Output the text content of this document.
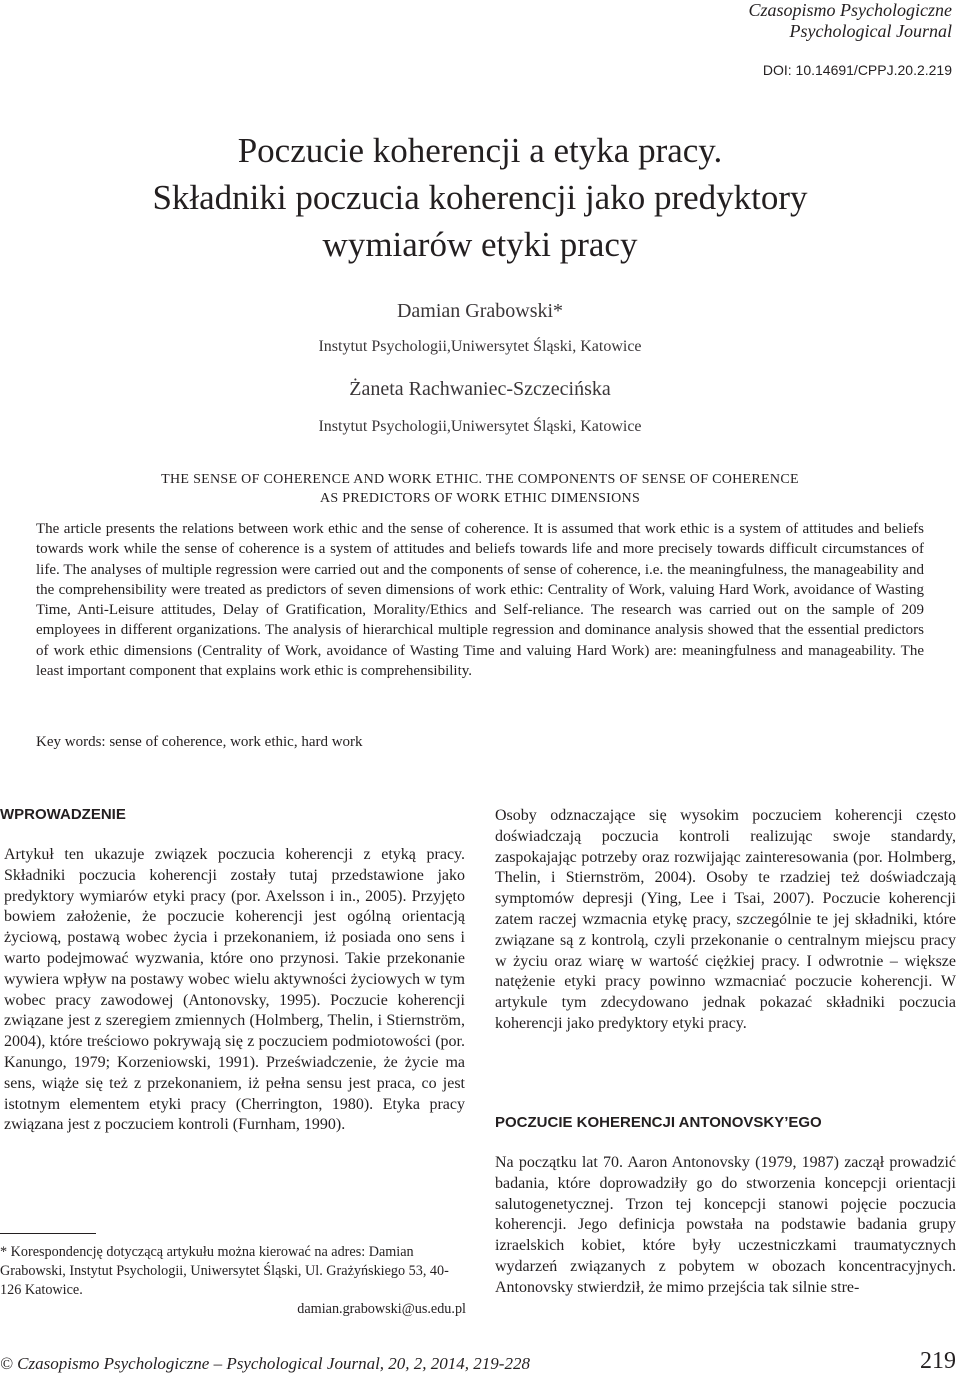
Czasopismo Psychologiczne
Psychological Journal
DOI: 10.14691/CPPJ.20.2.219
Poczucie koherencji a etyka pracy.
Składniki poczucia koherencji jako predyktory
wymiarów etyki pracy
Damian Grabowski*
Instytut Psychologii,Uniwersytet Śląski, Katowice
Żaneta Rachwaniec-Szczecińska
Instytut Psychologii,Uniwersytet Śląski, Katowice
THE SENSE OF COHERENCE AND WORK ETHIC. THE COMPONENTS OF SENSE OF COHERENCE
AS PREDICTORS OF WORK ETHIC DIMENSIONS

The article presents the relations between work ethic and the sense of coherence. It is assumed that work ethic is a system of attitudes and beliefs towards work while the sense of coherence is a system of attitudes and beliefs towards life and more precisely towards difficult circumstances of life. The analyses of multiple regression were carried out and the components of sense of coherence, i.e. the meaningfulness, the manageability and the comprehensibility were treated as predictors of seven dimensions of work ethic: Centrality of Work, valuing Hard Work, avoidance of Wasting Time, Anti-Leisure attitudes, Delay of Gratification, Morality/Ethics and Self-reliance. The research was carried out on the sample of 209 employees in different organizations. The analysis of hierarchical multiple regression and dominance analysis showed that the essential predictors of work ethic dimensions (Centrality of Work, avoidance of Wasting Time and valuing Hard Work) are: meaningfulness and manageability. The least important component that explains work ethic is comprehensibility.

Key words: sense of coherence, work ethic, hard work
WPROWADZENIE

Artykuł ten ukazuje związek poczucia koherencji z etyką pracy. Składniki poczucia koherencji zostały tutaj przedstawione jako predyktory wymiarów etyki pracy (por. Axelsson i in., 2005). Przyjęto bowiem założenie, że poczucie koherencji jest ogólną orientacją życiową, postawą wobec życia i przekonaniem, iż posiada ono sens i warto podejmować wyzwania, które ono przynosi. Takie przekonanie wywiera wpływ na postawy wobec wielu aktywności życiowych w tym wobec pracy zawodowej (Antonovsky, 1995). Poczucie koherencji związane jest z szeregiem zmiennych (Holmberg, Thelin, i Stiernström, 2004), które treściowo pokrywają się z poczuciem podmiotowości (por. Kanungo, 1979; Korzeniowski, 1991). Przeświadczenie, że życie ma sens, wiąże się też z przekonaniem, iż pełna sensu jest praca, co jest istotnym elementem etyki pracy (Cherrington, 1980). Etyka pracy związana jest z poczuciem kontroli (Furnham, 1990).

* Korespondencję dotyczącą artykułu można kierować na adres: Damian Grabowski, Instytut Psychologii, Uniwersytet Śląski, Ul. Grażyńskiego 53, 40-126 Katowice.
damian.grabowski@us.edu.pl

Osoby odznaczające się wysokim poczuciem koherencji często doświadczają poczucia kontroli realizując swoje standardy, zaspokajając potrzeby oraz rozwijając zainteresowania (por. Holmberg, Thelin, i Stiernström, 2004). Osoby te rzadziej też doświadczają symptomów depresji (Ying, Lee i Tsai, 2007). Poczucie koherencji zatem raczej wzmacnia etykę pracy, szczególnie te jej składniki, które związane są z kontrolą, czyli przekonanie o centralnym miejscu pracy w życiu oraz wiarę w wartość ciężkiej pracy. I odwrotnie – większe natężenie etyki pracy powinno wzmacniać poczucie koherencji. W artykule tym zdecydowano jednak pokazać składniki poczucia koherencji jako predyktory etyki pracy.

POCZUCIE KOHERENCJI ANTONOVSKY’EGO

Na początku lat 70. Aaron Antonovsky (1979, 1987) zaczął prowadzić badania, które doprowadziły go do stworzenia koncepcji orientacji salutogenetycznej. Trzon tej koncepcji stanowi pojęcie poczucia koherencji. Jego definicja powstała na podstawie badania grupy izraelskich kobiet, które były uczestniczkami traumatycznych wydarzeń związanych z pobytem w obozach koncentracyjnych. Antonovsky stwierdził, że mimo przejścia tak silnie stre-

© Czasopismo Psychologiczne – Psychological Journal, 20, 2, 2014, 219-228	219
